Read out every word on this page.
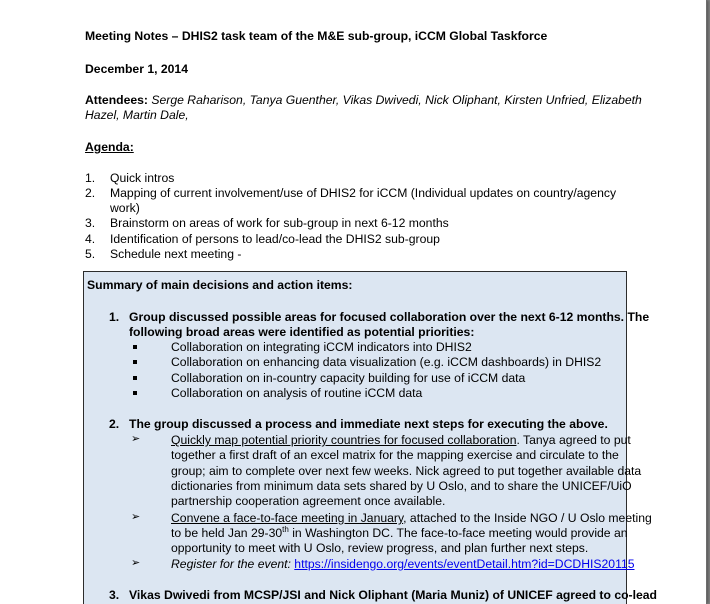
Meeting Notes – DHIS2 task team of the M&E sub-group, iCCM Global Taskforce
December 1, 2014
Attendees: Serge Raharison, Tanya Guenther, Vikas Dwivedi, Nick Oliphant, Kirsten Unfried, Elizabeth
Hazel, Martin Dale,
Agenda:
1. Quick intros
2. Mapping of current involvement/use of DHIS2 for iCCM (Individual updates on country/agency
work)
3. Brainstorm on areas of work for sub-group in next 6-12 months
4. Identification of persons to lead/co-lead the DHIS2 sub-group
5. Schedule next meeting -
Summary of main decisions and action items:
1. Group discussed possible areas for focused collaboration over the next 6-12 months. The
following broad areas were identified as potential priorities:
Collaboration on integrating iCCM indicators into DHIS2
Collaboration on enhancing data visualization (e.g. iCCM dashboards) in DHIS2
Collaboration on in-country capacity building for use of iCCM data
Collaboration on analysis of routine iCCM data
2. The group discussed a process and immediate next steps for executing the above.
➢	Quickly map potential priority countries for focused collaboration. Tanya agreed to put
together a first draft of an excel matrix for the mapping exercise and circulate to the
group; aim to complete over next few weeks. Nick agreed to put together available data
dictionaries from minimum data sets shared by U Oslo, and to share the UNICEF/UiO
partnership cooperation agreement once available.
➢	Convene a face-to-face meeting in January, attached to the Inside NGO / U Oslo meeting
to be held Jan 29-30th in Washington DC. The face-to-face meeting would provide an
opportunity to meet with U Oslo, review progress, and plan further next steps.
➢	Register for the event: https://insidengo.org/events/eventDetail.htm?id=DCDHIS20115
3. Vikas Dwivedi from MCSP/JSI and Nick Oliphant (Maria Muniz) of UNICEF agreed to co-lead
